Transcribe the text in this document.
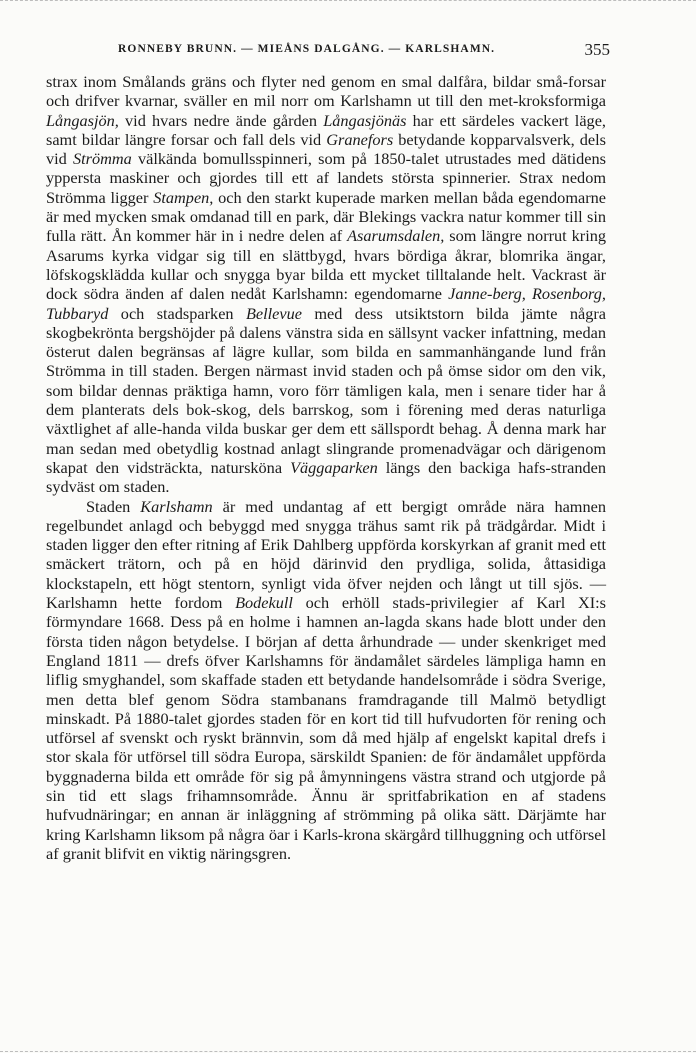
RONNEBY BRUNN. — MIEÅNS DALGÅNG. — KARLSHAMN.	355

strax inom Smålands gräns och flyter ned genom en smal dalfåra, bildar små-forsar och drifver kvarnar, sväller en mil norr om Karlshamn ut till den met-kroksformiga Långasjön, vid hvars nedre ände gården Långasjönäs har ett särdeles vackert läge, samt bildar längre forsar och fall dels vid Granefors betydande kopparvalsverk, dels vid Strömma välkända bomullsspinneri, som på 1850-talet utrustades med dätidens yppersta maskiner och gjordes till ett af landets största spinnerier. Strax nedom Strömma ligger Stampen, och den starkt kuperade marken mellan båda egendomarne är med mycken smak omdanad till en park, där Blekings vackra natur kommer till sin fulla rätt. Ån kommer här in i nedre delen af Asarumsdalen, som längre norrut kring Asarums kyrka vidgar sig till en slättbygd, hvars bördiga åkrar, blomrika ängar, löfskogsklädda kullar och snygga byar bilda ett mycket tilltalande helt. Vackrast är dock södra änden af dalen nedåt Karlshamn: egendomarne Janne-berg, Rosenborg, Tubbaryd och stadsparken Bellevue med dess utsiktstorn bilda jämte några skogbekrönta bergshöjder på dalens vänstra sida en sällsynt vacker infattning, medan österut dalen begränsas af lägre kullar, som bilda en sammanhängande lund från Strömma in till staden. Bergen närmast invid staden och på ömse sidor om den vik, som bildar dennas präktiga hamn, voro förr tämligen kala, men i senare tider har å dem planterats dels bok-skog, dels barrskog, som i förening med deras naturliga växtlighet af alle-handa vilda buskar ger dem ett sällspordt behag. Å denna mark har man sedan med obetydlig kostnad anlagt slingrande promenadvägar och därigenom skapat den vidsträckta, natursköna Väggaparken längs den backiga hafs-stranden sydväst om staden.

Staden Karlshamn är med undantag af ett bergigt område nära hamnen regelbundet anlagd och bebyggd med snygga trähus samt rik på trädgårdar. Midt i staden ligger den efter ritning af Erik Dahlberg uppförda korskyrkan af granit med ett smäckert trätorn, och på en höjd därinvid den prydliga, solida, åttasidiga klockstapeln, ett högt stentorn, synligt vida öfver nejden och långt ut till sjös. — Karlshamn hette fordom Bodekull och erhöll stads-privilegier af Karl XI:s förmyndare 1668. Dess på en holme i hamnen an-lagda skans hade blott under den första tiden någon betydelse. I början af detta århundrade — under skenkriget med England 1811 — drefs öfver Karlshamns för ändamålet särdeles lämpliga hamn en liflig smyghandel, som skaffade staden ett betydande handelsområde i södra Sverige, men detta blef genom Södra stambanans framdragande till Malmö betydligt minskadt. På 1880-talet gjordes staden för en kort tid till hufvudorten för rening och utförsel af svenskt och ryskt brännvin, som då med hjälp af engelskt kapital drefs i stor skala för utförsel till södra Europa, särskildt Spanien: de för ändamålet uppförda byggnaderna bilda ett område för sig på åmynningens västra strand och utgjorde på sin tid ett slags frihamnsområde. Ännu är spritfabrikation en af stadens hufvudnäringar; en annan är inläggning af strömming på olika sätt. Därjämte har kring Karlshamn liksom på några öar i Karls-krona skärgård tillhuggning och utförsel af granit blifvit en viktig näringsgren.
